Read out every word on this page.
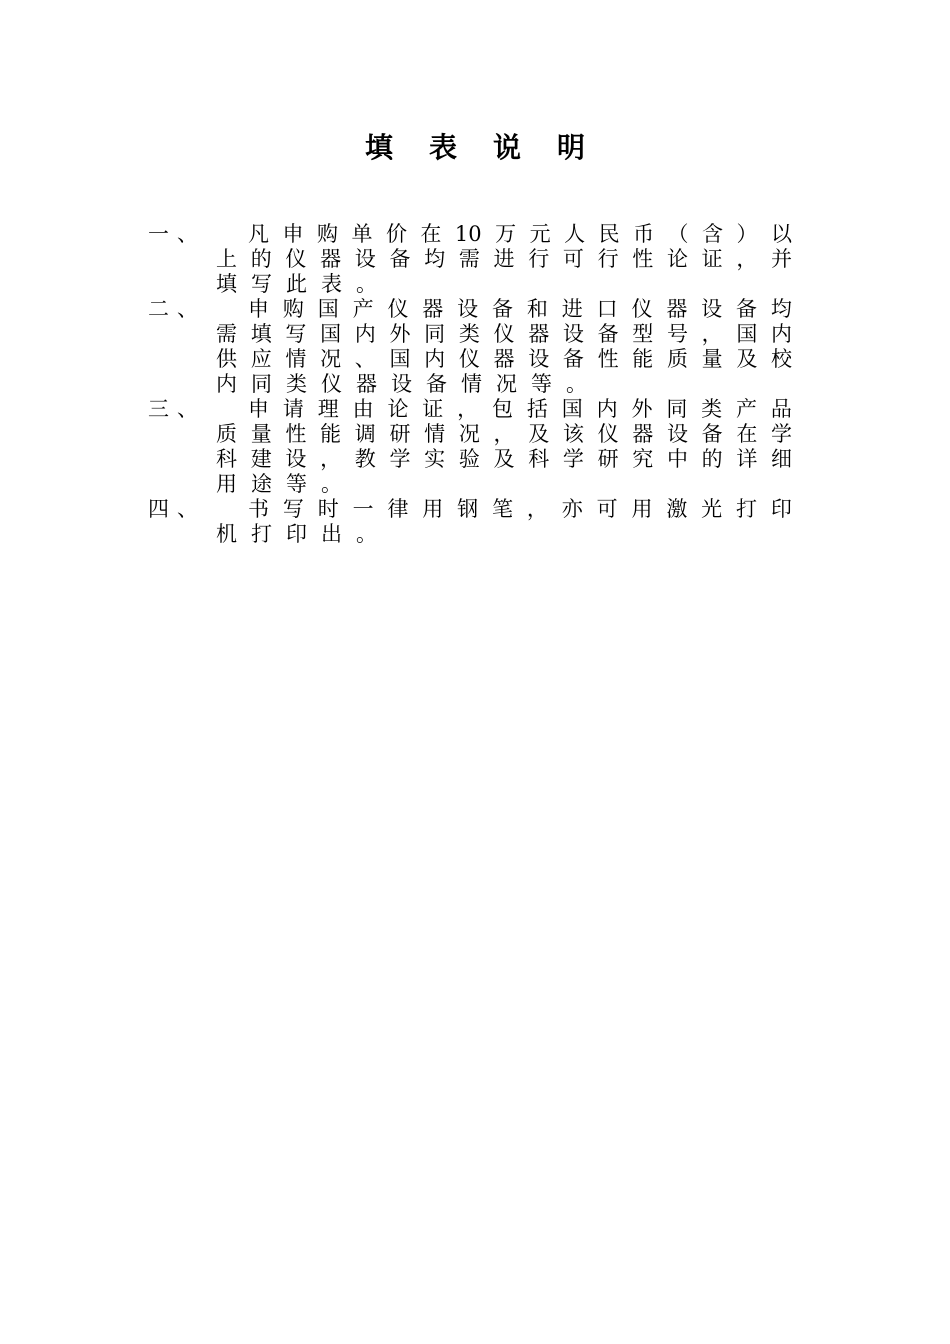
填表说明
一、	凡 申 购 单 价 在 10 万 元 人 民 币 （ 含 ） 以
上 的 仪 器 设 备 均 需 进 行 可 行 性 论 证 ， 并
填 写 此 表 。
二、	申 购 国 产 仪 器 设 备 和 进 口 仪 器 设 备 均
需 填 写 国 内 外 同 类 仪 器 设 备 型 号 ， 国 内
供 应 情 况 、 国 内 仪 器 设 备 性 能 质 量 及 校
内 同 类 仪 器 设 备 情 况 等 。
三、	申 请 理 由 论 证 ， 包 括 国 内 外 同 类 产 品
质 量 性 能 调 研 情 况 ， 及 该 仪 器 设 备 在 学
科 建 设 ， 教 学 实 验 及 科 学 研 究 中 的 详 细
用 途 等 。
四、	书 写 时 一 律 用 钢 笔 ， 亦 可 用 激 光 打 印
机 打 印 出 。
